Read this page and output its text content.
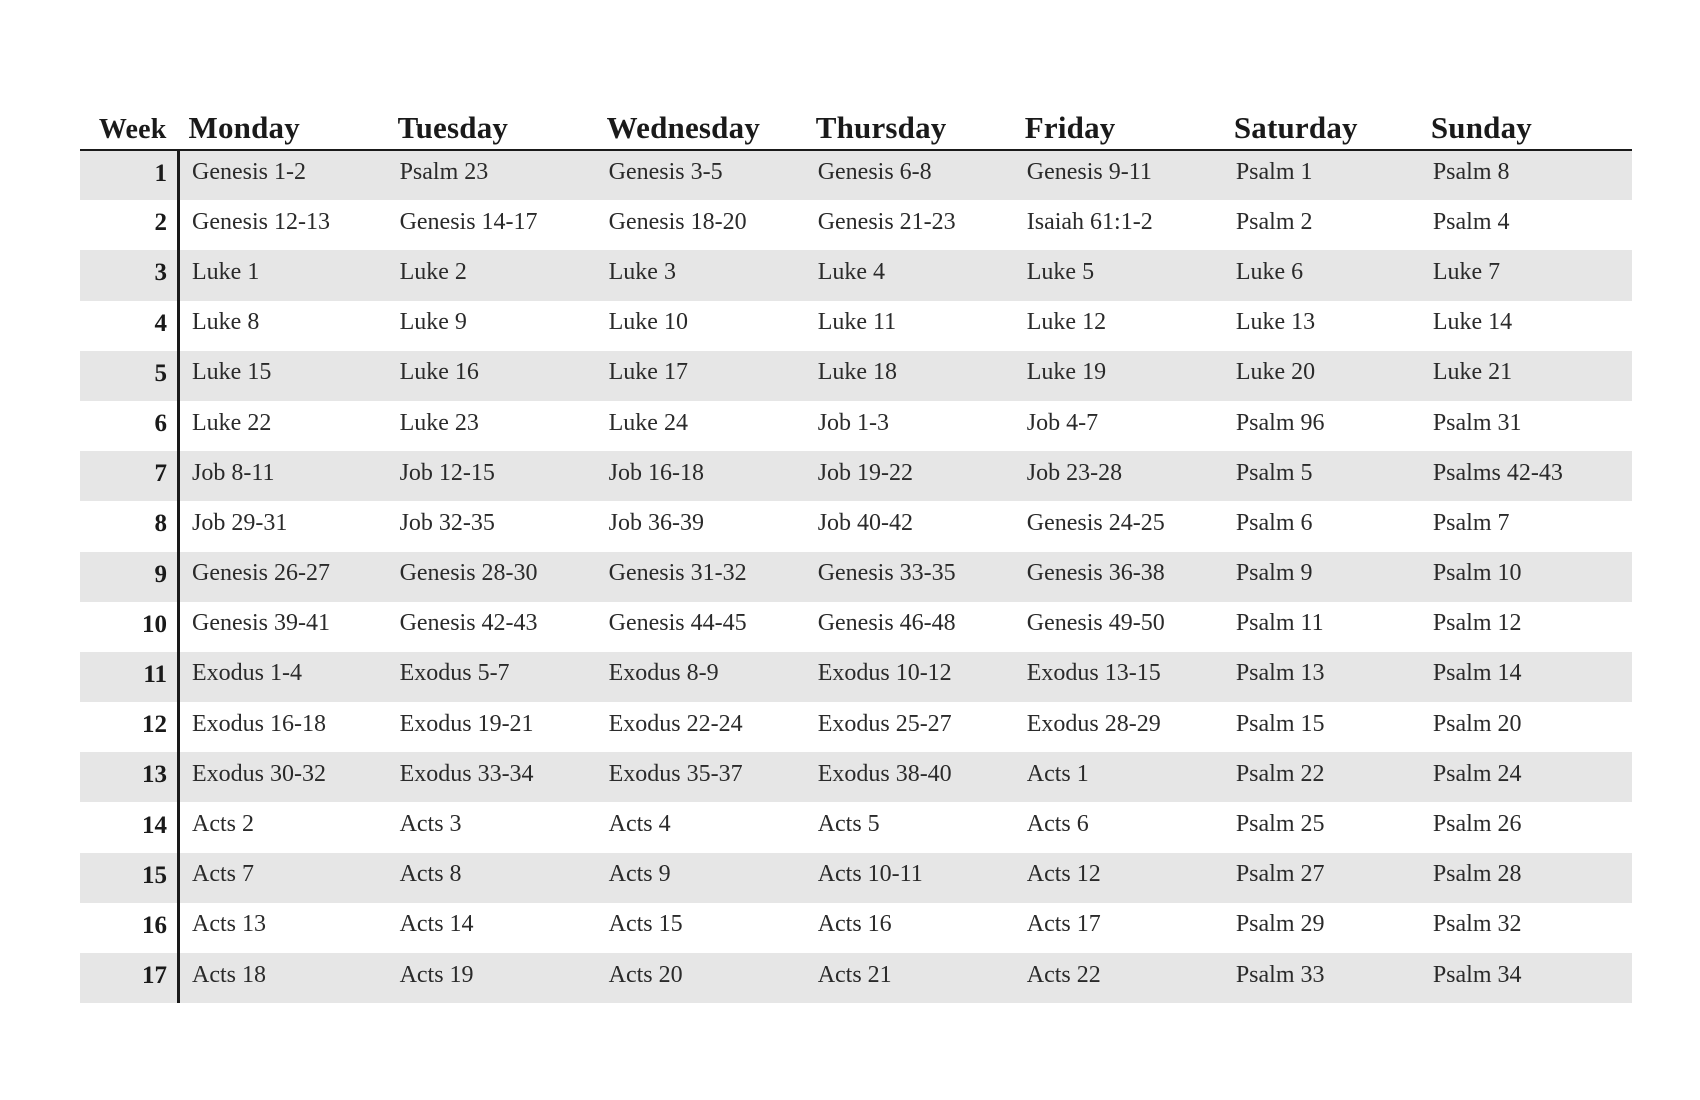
Week	Monday	Tuesday	Wednesday	Thursday	Friday	Saturday	Sunday
1	Genesis 1-2	Psalm 23	Genesis 3-5	Genesis 6-8	Genesis 9-11	Psalm 1	Psalm 8
2	Genesis 12-13	Genesis 14-17	Genesis 18-20	Genesis 21-23	Isaiah 61:1-2	Psalm 2	Psalm 4
3	Luke 1	Luke 2	Luke 3	Luke 4	Luke 5	Luke 6	Luke 7
4	Luke 8	Luke 9	Luke 10	Luke 11	Luke 12	Luke 13	Luke 14
5	Luke 15	Luke 16	Luke 17	Luke 18	Luke 19	Luke 20	Luke 21
6	Luke 22	Luke 23	Luke 24	Job 1-3	Job 4-7	Psalm 96	Psalm 31
7	Job 8-11	Job 12-15	Job 16-18	Job 19-22	Job 23-28	Psalm 5	Psalms 42-43
8	Job 29-31	Job 32-35	Job 36-39	Job 40-42	Genesis 24-25	Psalm 6	Psalm 7
9	Genesis 26-27	Genesis 28-30	Genesis 31-32	Genesis 33-35	Genesis 36-38	Psalm 9	Psalm 10
10	Genesis 39-41	Genesis 42-43	Genesis 44-45	Genesis 46-48	Genesis 49-50	Psalm 11	Psalm 12
11	Exodus 1-4	Exodus 5-7	Exodus 8-9	Exodus 10-12	Exodus 13-15	Psalm 13	Psalm 14
12	Exodus 16-18	Exodus 19-21	Exodus 22-24	Exodus 25-27	Exodus 28-29	Psalm 15	Psalm 20
13	Exodus 30-32	Exodus 33-34	Exodus 35-37	Exodus 38-40	Acts 1	Psalm 22	Psalm 24
14	Acts 2	Acts 3	Acts 4	Acts 5	Acts 6	Psalm 25	Psalm 26
15	Acts 7	Acts 8	Acts 9	Acts 10-11	Acts 12	Psalm 27	Psalm 28
16	Acts 13	Acts 14	Acts 15	Acts 16	Acts 17	Psalm 29	Psalm 32
17	Acts 18	Acts 19	Acts 20	Acts 21	Acts 22	Psalm 33	Psalm 34
